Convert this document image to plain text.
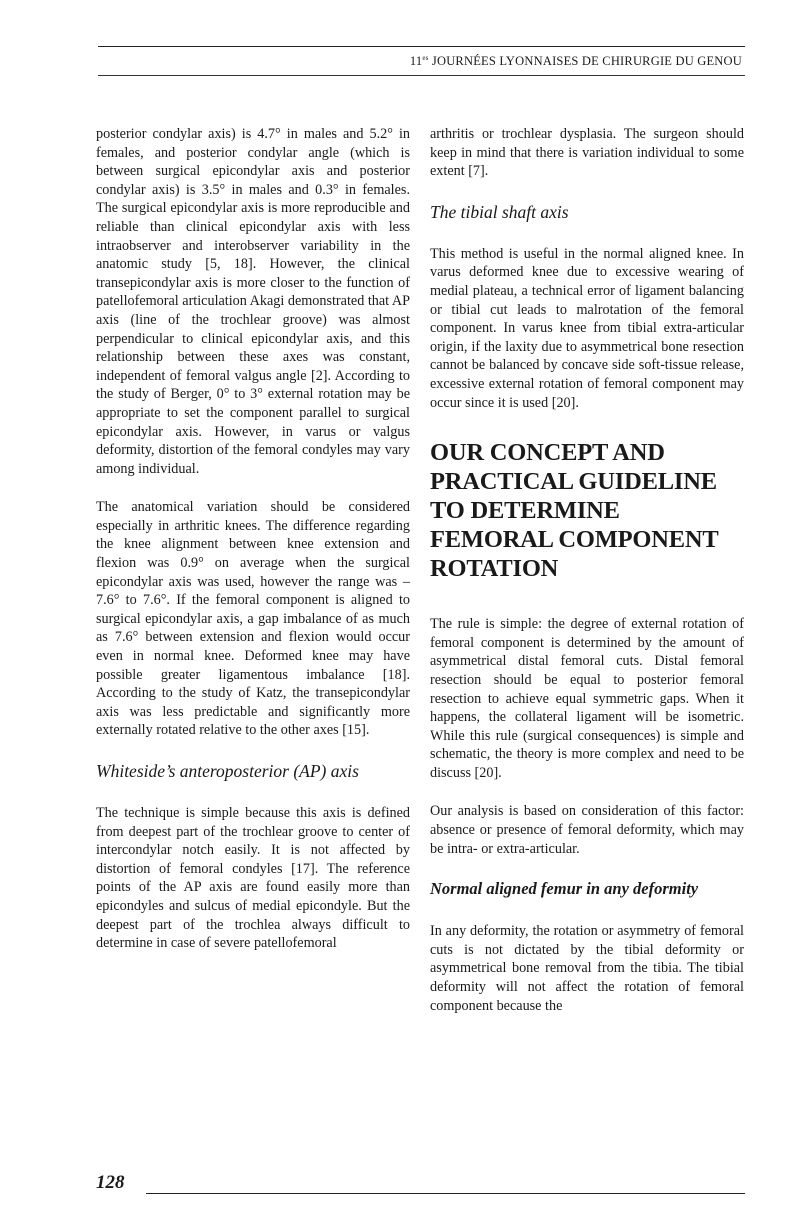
$11^{es}$ JOURNÉES LYONNAISES DE CHIRURGIE DU GENOU

posterior condylar axis) is 4.7° in males and 5.2° in females, and posterior condylar angle (which is between surgical epicondylar axis and posterior condylar axis) is 3.5° in males and 0.3° in females. The surgical epicondylar axis is more reproducible and reliable than clinical epicondylar axis with less intraobserver and interobserver variability in the anatomic study [5, 18]. However, the clinical transepicondylar axis is more closer to the function of patellofemoral articulation Akagi demonstrated that AP axis (line of the trochlear groove) was almost perpendicular to clinical epicondylar axis, and this relationship between these axes was constant, independent of femoral valgus angle [2]. According to the study of Berger, 0° to 3° external rotation may be appropriate to set the component parallel to surgical epicondylar axis. However, in varus or valgus deformity, distortion of the femoral condyles may vary among individual.

The anatomical variation should be considered especially in arthritic knees. The difference regarding the knee alignment between knee extension and flexion was 0.9° on average when the surgical epicondylar axis was used, however the range was –7.6° to 7.6°. If the femoral component is aligned to surgical epicondylar axis, a gap imbalance of as much as 7.6° between extension and flexion would occur even in normal knee. Deformed knee may have possible greater ligamentous imbalance [18]. According to the study of Katz, the transepicondylar axis was less predictable and significantly more externally rotated relative to the other axes [15].

Whiteside’s anteroposterior (AP) axis

The technique is simple because this axis is defined from deepest part of the trochlear groove to center of intercondylar notch easily. It is not affected by distortion of femoral condyles [17]. The reference points of the AP axis are found easily more than epicondyles and sulcus of medial epicondyle. But the deepest part of the trochlea always difficult to determine in case of severe patellofemoral

arthritis or trochlear dysplasia. The surgeon should keep in mind that there is variation individual to some extent [7].

The tibial shaft axis

This method is useful in the normal aligned knee. In varus deformed knee due to excessive wearing of medial plateau, a technical error of ligament balancing or tibial cut leads to malrotation of the femoral component. In varus knee from tibial extra-articular origin, if the laxity due to asymmetrical bone resection cannot be balanced by concave side soft-tissue release, excessive external rotation of femoral component may occur since it is used [20].

OUR CONCEPT AND PRACTICAL GUIDELINE TO DETERMINE FEMORAL COMPONENT ROTATION

The rule is simple: the degree of external rotation of femoral component is determined by the amount of asymmetrical distal femoral cuts. Distal femoral resection should be equal to posterior femoral resection to achieve equal symmetric gaps. When it happens, the collateral ligament will be isometric. While this rule (surgical consequences) is simple and schematic, the theory is more complex and need to be discuss [20].

Our analysis is based on consideration of this factor: absence or presence of femoral deformity, which may be intra- or extra-articular.

Normal aligned femur in any deformity

In any deformity, the rotation or asymmetry of femoral cuts is not dictated by the tibial deformity or asymmetrical bone removal from the tibia. The tibial deformity will not affect the rotation of femoral component because the

128
